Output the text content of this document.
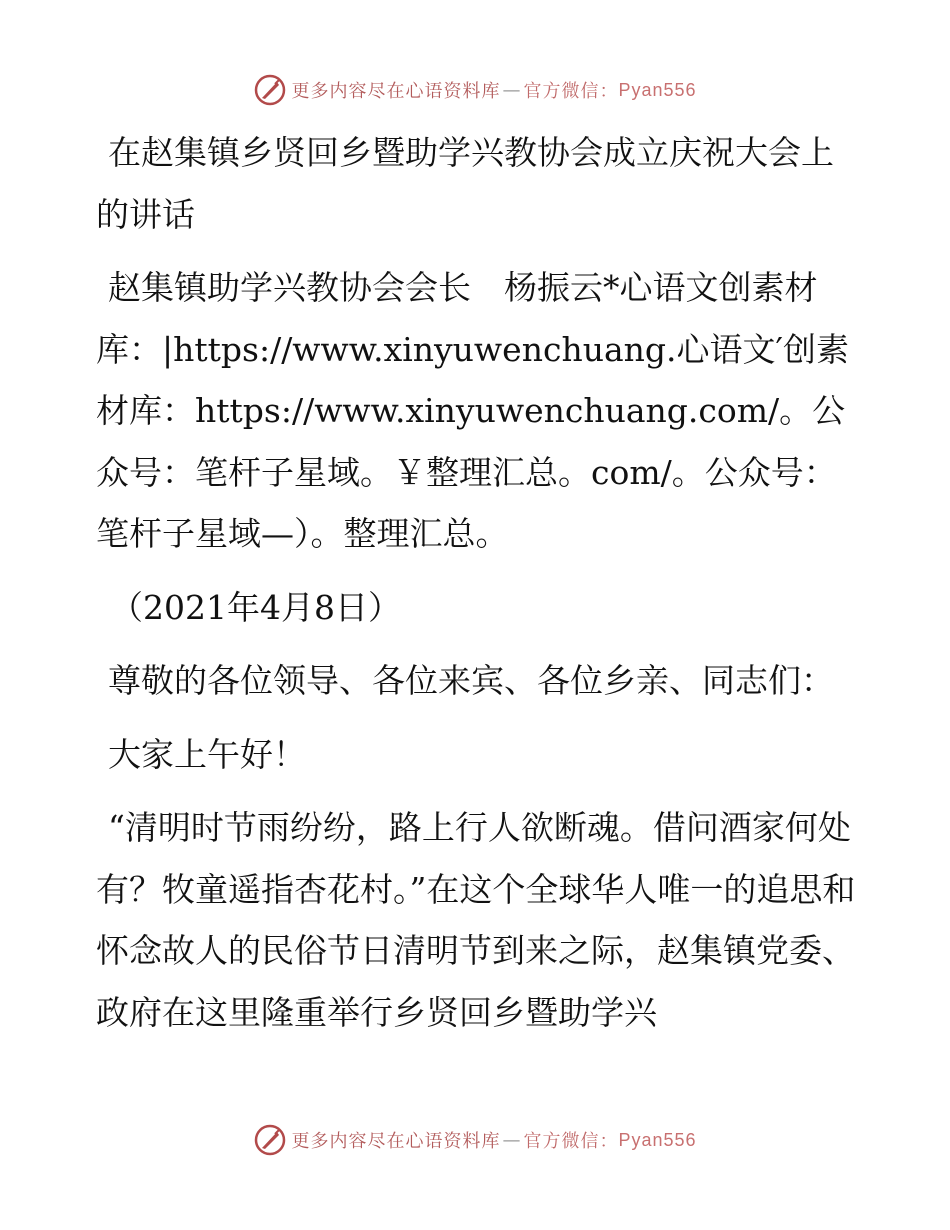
更多内容尽在心语资料库 — 官方微信： Pyan556

在赵集镇乡贤回乡暨助学兴教协会成立庆祝大会上的讲话

赵集镇助学兴教协会会长　杨振云*心语文创素材库：|https://www.xinyuwenchuang.心语文′创素材库：https://www.xinyuwenchuang.com/。公众号：笔杆子星域。￥整理汇总。com/。公众号：笔杆子星域—）。整理汇总。

（2021年4月8日）

尊敬的各位领导、各位来宾、各位乡亲、同志们：

大家上午好！

“清明时节雨纷纷，路上行人欲断魂。借问酒家何处有？牧童遥指杏花村。”在这个全球华人唯一的追思和怀念故人的民俗节日清明节到来之际，赵集镇党委、政府在这里隆重举行乡贤回乡暨助学兴

更多内容尽在心语资料库 — 官方微信： Pyan556
